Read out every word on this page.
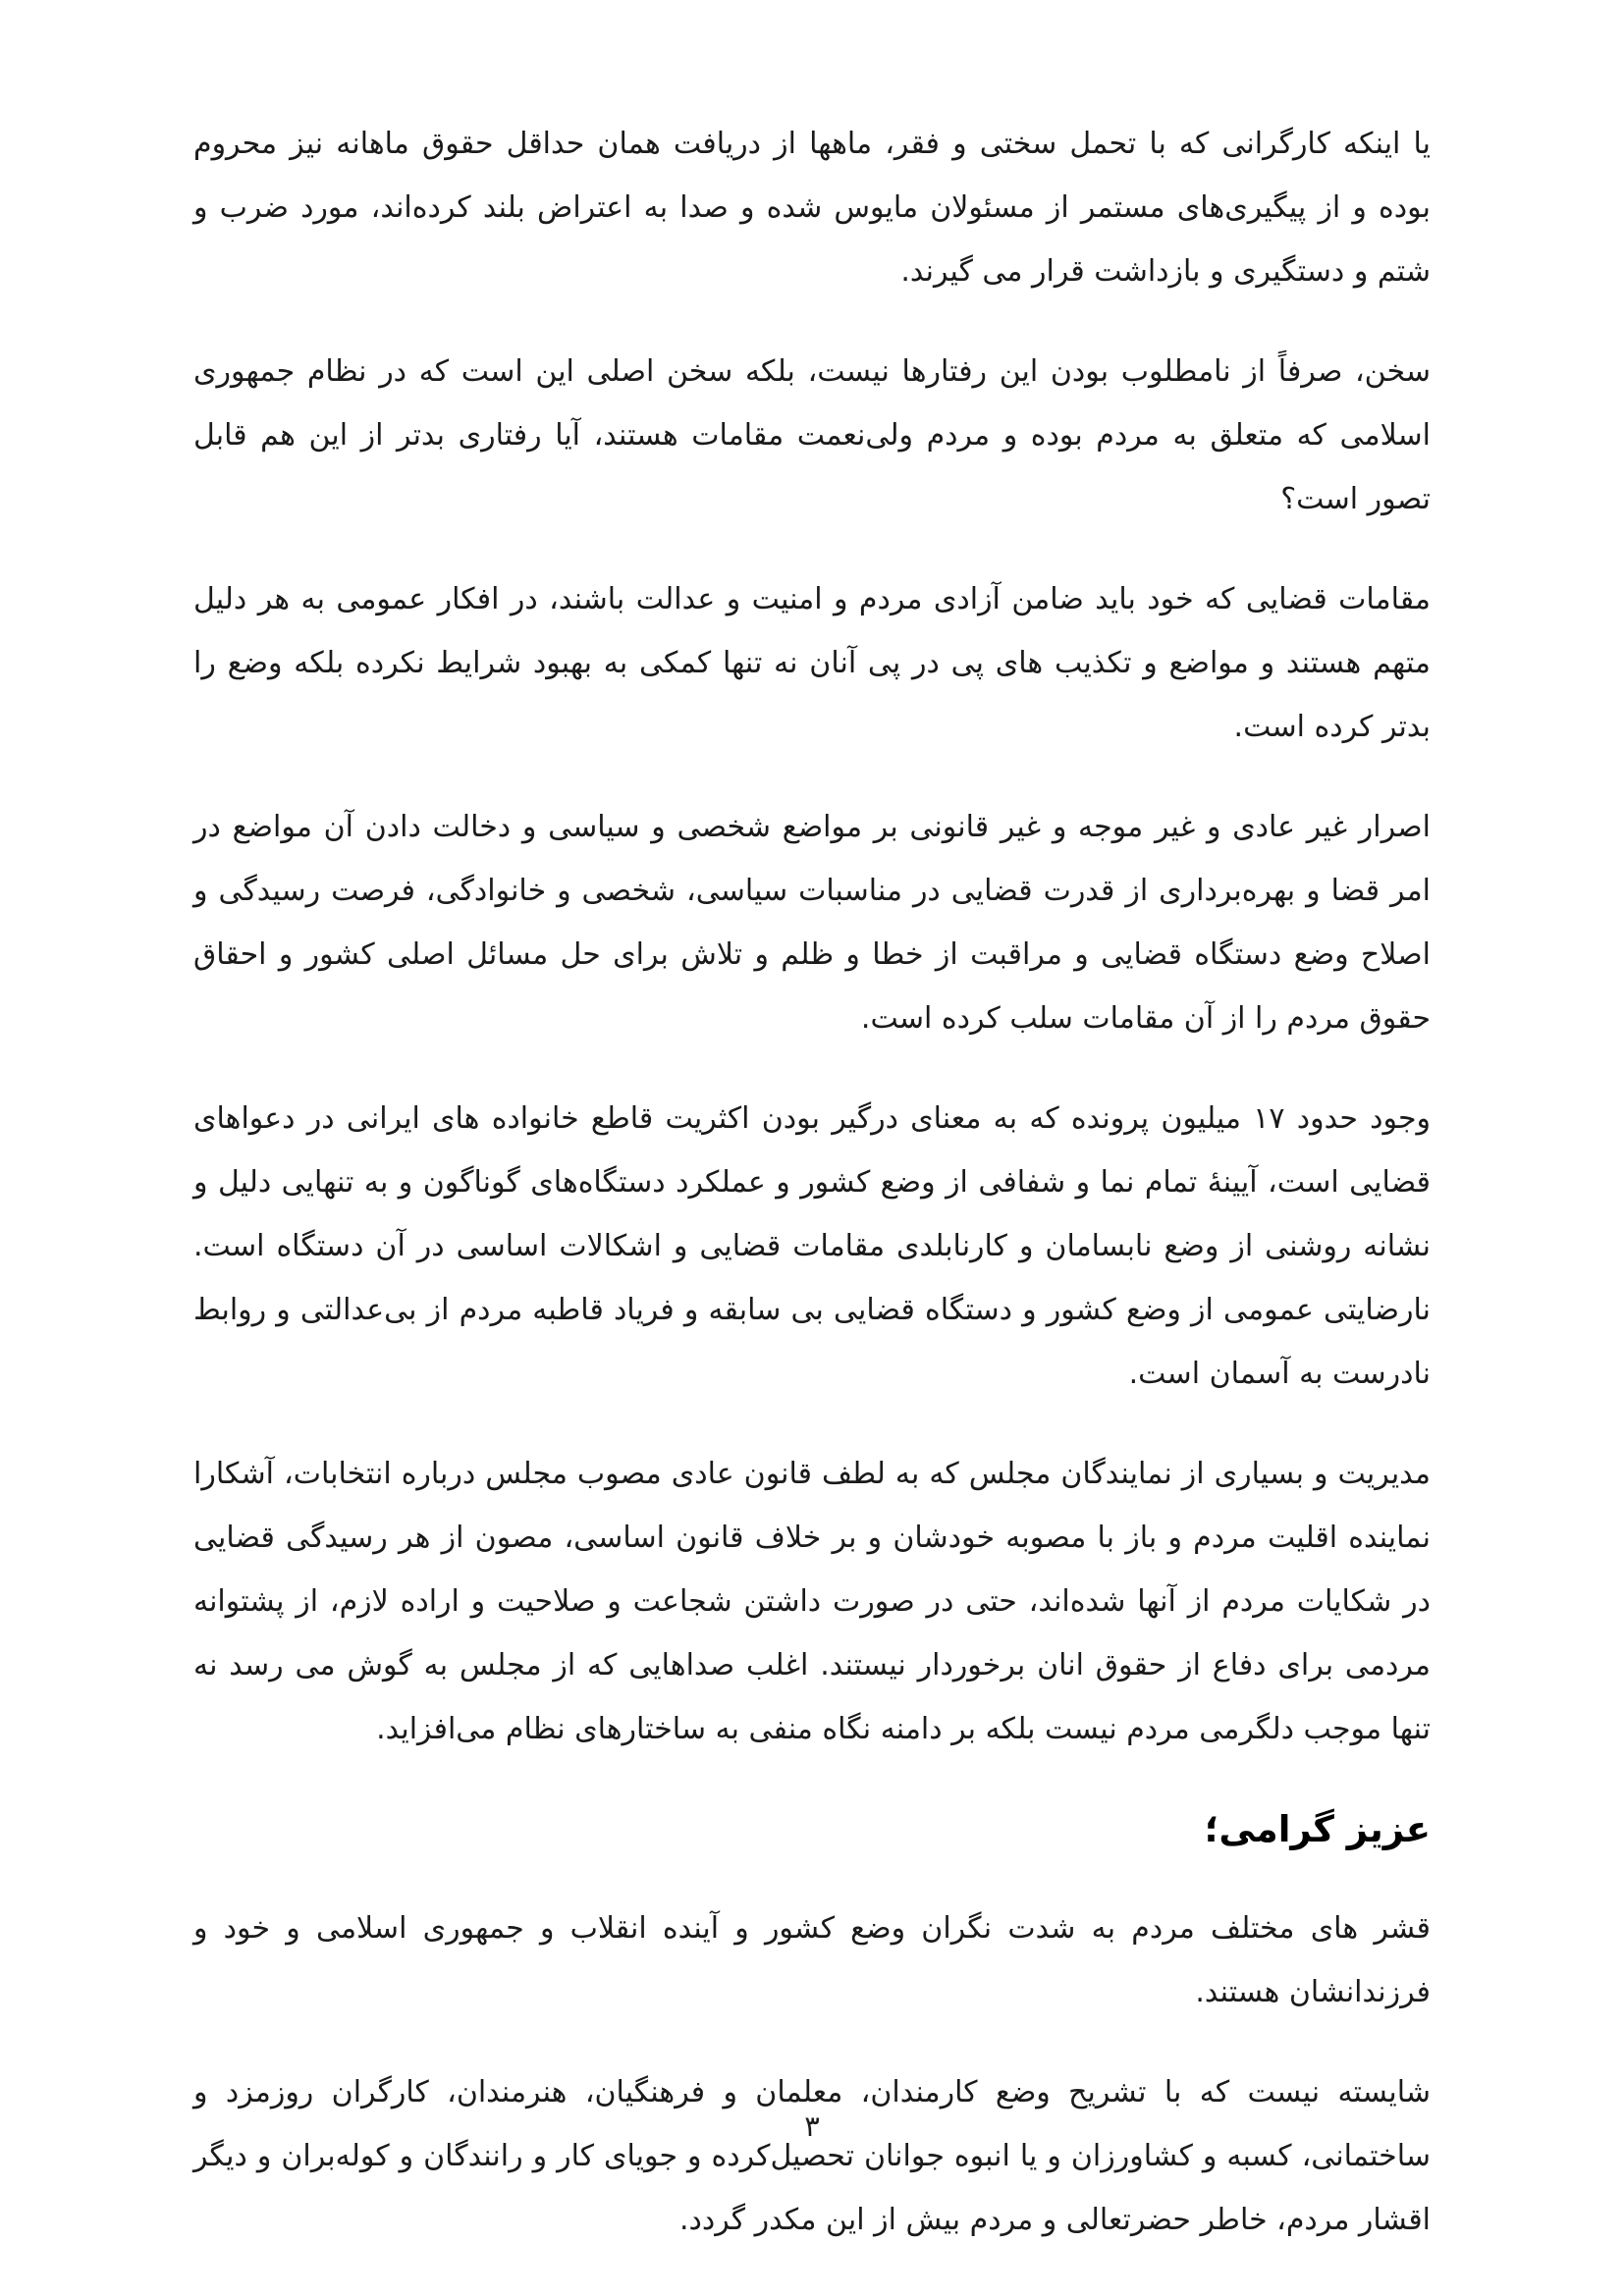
یا اینکه کارگرانی که با تحمل سختی و فقر، ماهها از دریافت همان حداقل حقوق ماهانه نیز محروم بوده و از پیگیری‌های مستمر از مسئولان مایوس شده و صدا به اعتراض بلند کرده‌اند، مورد ضرب و شتم و دستگیری و بازداشت قرار می گیرند.

سخن، صرفاً از نامطلوب بودن این رفتارها نیست، بلکه سخن اصلی این است که در نظام جمهوری اسلامی که متعلق به مردم بوده و مردم ولی‌نعمت مقامات هستند، آیا رفتاری بدتر از این هم قابل تصور است؟

مقامات قضایی که خود باید ضامن آزادی مردم و امنیت و عدالت باشند، در افکار عمومی به هر دلیل متهم هستند و مواضع و تکذیب های پی در پی آنان نه تنها کمکی به بهبود شرایط نکرده بلکه وضع را بدتر کرده است.

اصرار غیر عادی و غیر موجه و غیر قانونی بر مواضع شخصی و سیاسی و دخالت دادن آن مواضع در امر قضا و بهره‌برداری از قدرت قضایی در مناسبات سیاسی، شخصی و خانوادگی، فرصت رسیدگی و اصلاح وضع دستگاه قضایی و مراقبت از خطا و ظلم و تلاش برای حل مسائل اصلی کشور و احقاق حقوق مردم را از آن مقامات سلب کرده است.

وجود حدود ۱۷ میلیون پرونده که به معنای درگیر بودن اکثریت قاطع خانواده های ایرانی در دعواهای قضایی است، آیینهٔ تمام نما و شفافی از وضع کشور و عملکرد دستگاه‌های گوناگون و به تنهایی دلیل و نشانه روشنی از وضع نابسامان و کارنابلدی مقامات قضایی و اشکالات اساسی در آن دستگاه است. نارضایتی عمومی از وضع کشور و دستگاه قضایی بی سابقه و فریاد قاطبه مردم از بی‌عدالتی و روابط نادرست به آسمان است.

مدیریت و بسیاری از نمایندگان مجلس که به لطف قانون عادی مصوب مجلس درباره انتخابات، آشکارا نماینده اقلیت مردم و باز با مصوبه خودشان و بر خلاف قانون اساسی، مصون از هر رسیدگی قضایی در شکایات مردم از آنها شده‌اند، حتی در صورت داشتن شجاعت و صلاحیت و اراده لازم، از پشتوانه مردمی برای دفاع از حقوق انان برخوردار نیستند. اغلب صداهایی که از مجلس به گوش می رسد نه تنها موجب دلگرمی مردم نیست بلکه بر دامنه نگاه منفی به ساختارهای نظام می‌افزاید.

عزیز گرامی؛

قشر های مختلف مردم به شدت نگران وضع کشور و آینده انقلاب و جمهوری اسلامی و خود و فرزندانشان هستند.

شایسته نیست که با تشریح وضع کارمندان، معلمان و فرهنگیان، هنرمندان، کارگران روزمزد و ساختمانی، کسبه و کشاورزان و یا انبوه جوانان تحصیل‌کرده و جویای کار و رانندگان و کوله‌بران و دیگر اقشار مردم، خاطر حضرتعالی و مردم بیش از این مکدر گردد.

۳
